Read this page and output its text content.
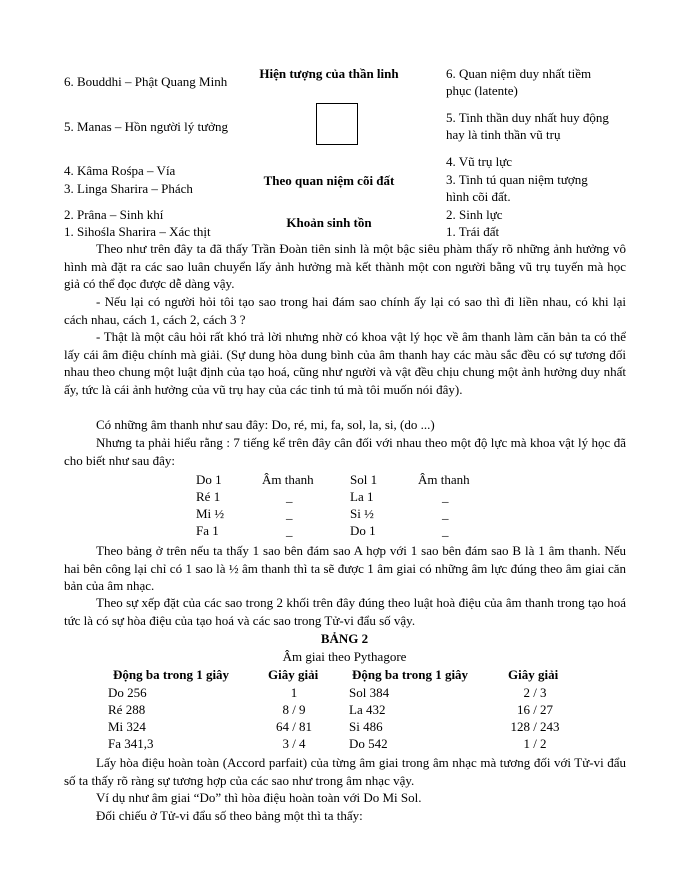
6. Bouddhi – Phật Quang Minh
5. Manas – Hồn người lý tưởng
4. Kâma Rośpa – Vía
3. Linga Sharira – Phách
2. Prâna – Sinh khí
1. Sihośla Sharira – Xác thịt
Hiện tượng của thần linh
Theo quan niệm cõi đất
Khoản sinh tồn
6. Quan niệm duy nhất tiềm
phục (latente)
5. Tinh thần duy nhất huy động
hay là tinh thần vũ trụ
4. Vũ trụ lực
3. Tinh tú quan niệm tượng
hình cõi đất.
2. Sinh lực
1. Trái đất
Theo như trên đây ta đã thấy Trần Đoàn tiên sinh là một bậc siêu phàm thấy rõ những ảnh hưởng vô hình mà đặt ra các sao luân chuyển lấy ảnh hưởng mà kết thành một con người bằng vũ trụ tuyến mà học giả có thể đọc được dễ dàng vậy.
- Nếu lại có người hỏi tôi tạo sao trong hai đám sao chính ấy lại có sao thì đi liền nhau, có khi lại cách nhau, cách 1, cách 2, cách 3 ?
- Thật là một câu hỏi rất khó trả lời nhưng nhờ có khoa vật lý học về âm thanh làm căn bản ta có thể lấy cái âm điệu chính mà giải. (Sự dung hòa dung bình của âm thanh hay các màu sắc đều có sự tương đối nhau theo chung một luật định của tạo hoá, cũng như người và vật đều chịu chung một ảnh hưởng duy nhất ấy, tức là cái ảnh hưởng của vũ trụ hay của các tinh tú mà tôi muốn nói đây).
Có những âm thanh như sau đây: Do, ré, mi, fa, sol, la, si, (do ...)
Nhưng ta phải hiểu rằng : 7 tiếng kể trên đây cân đối với nhau theo một độ lực mà khoa vật lý học đã cho biết như sau đây:
Do 1	Âm thanh	Sol 1	Âm thanh
Ré 1	_	La 1	_
Mi ½	_	Si ½	_
Fa 1	_	Do 1	_
Theo bảng ở trên nếu ta thấy 1 sao bên đám sao A hợp với 1 sao bên đám sao B là 1 âm thanh. Nếu hai bên công lại chỉ có 1 sao là ½ âm thanh thì ta sẽ được 1 âm giai có những âm lực đúng theo âm giai căn bản của âm nhạc.
Theo sự xếp đặt của các sao trong 2 khối trên đây đúng theo luật hoà điệu của âm thanh trong tạo hoá tức là có sự hòa điệu của tạo hoá và các sao trong Tử-vi đẩu số vậy.
BẢNG 2
Âm giai theo Pythagore
Động ba trong 1 giây	Giây giải	Động ba trong 1 giây	Giây giải
Do 256	1	Sol 384	2 / 3
Ré 288	8 / 9	La 432	16 / 27
Mi 324	64 / 81	Si 486	128 / 243
Fa 341,3	3 / 4	Do 542	1 / 2
Lấy hòa điệu hoàn toàn (Accord parfait) của từng âm giai trong âm nhạc mà tương đối với Tử-vi đẩu số ta thấy rõ ràng sự tương hợp của các sao như trong âm nhạc vậy.
Ví dụ như âm giai “Do” thì hòa điệu hoàn toàn với Do Mi Sol.
Đối chiếu ở Tử-vi đẩu số theo bảng một thì ta thấy:
